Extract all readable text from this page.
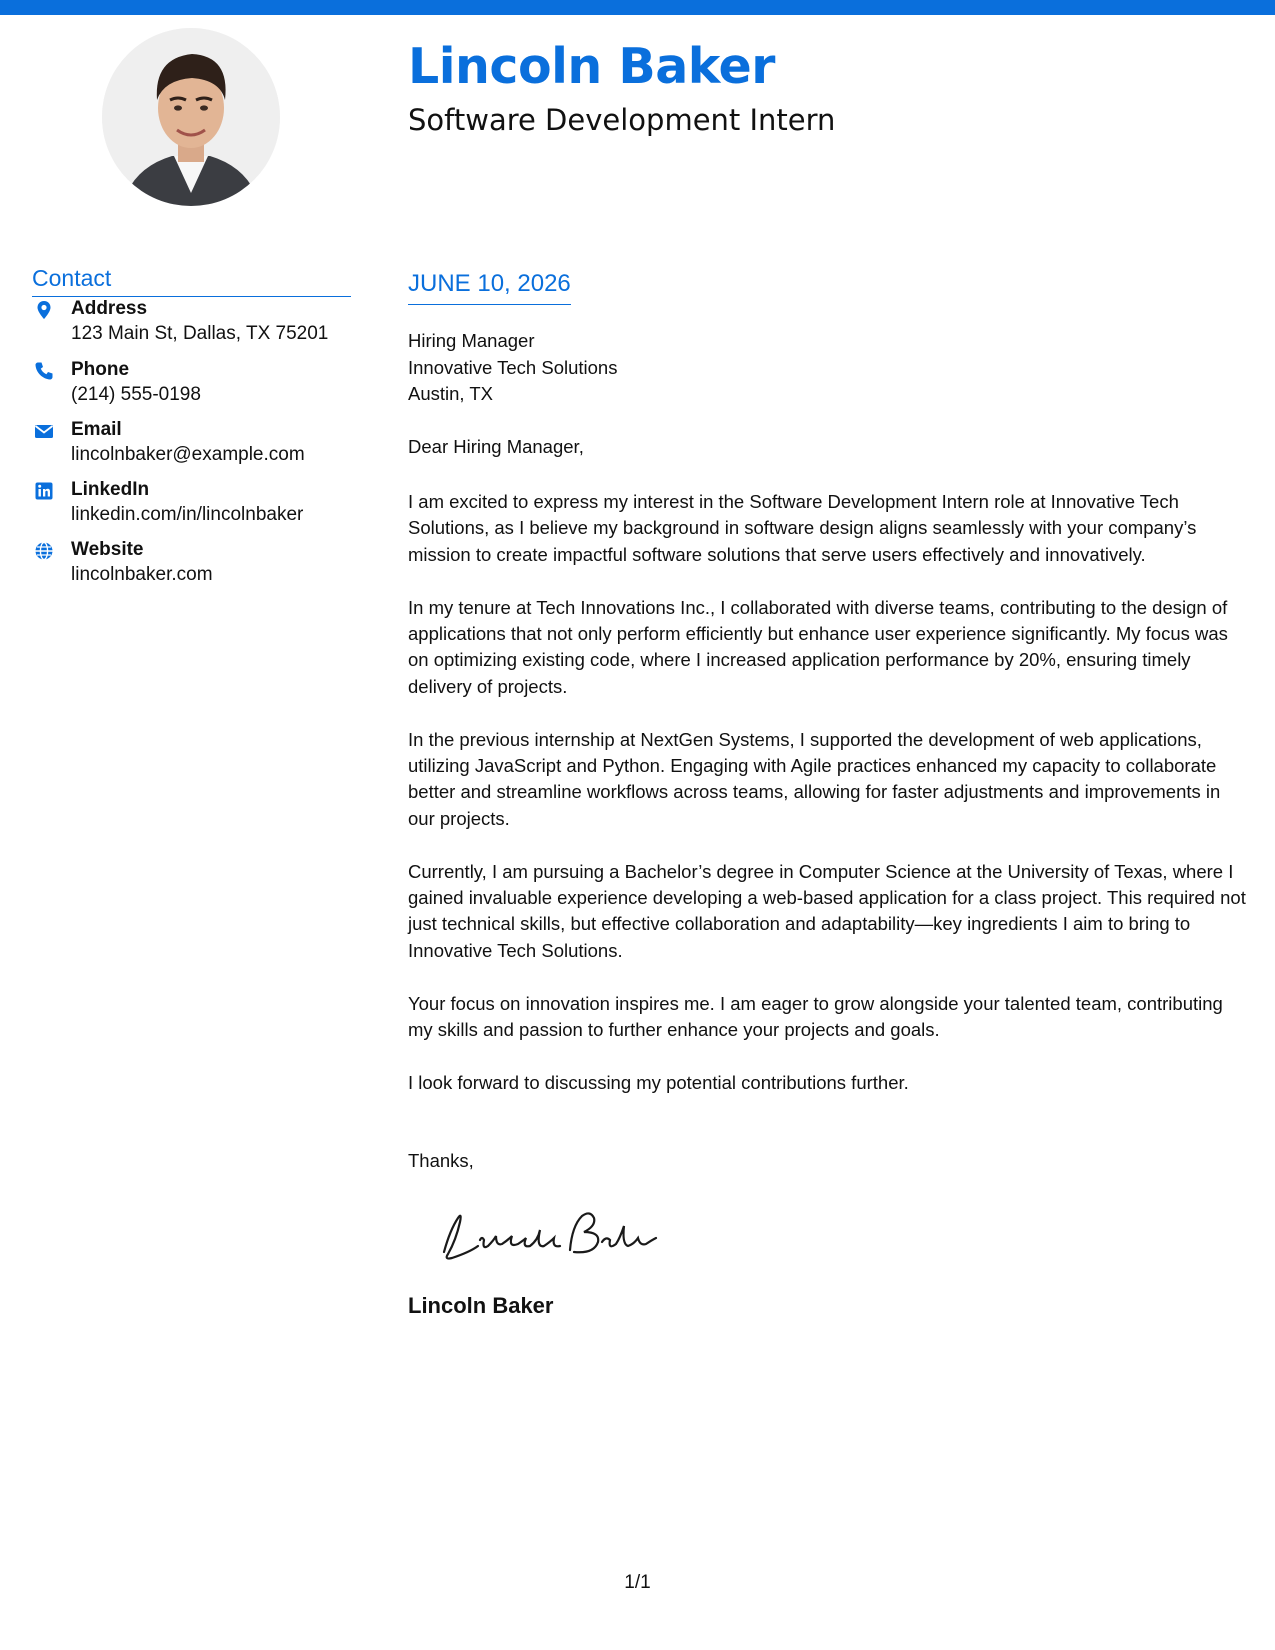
Lincoln Baker
Software Development Intern
Contact
Address
123 Main St, Dallas, TX 75201
Phone
(214) 555-0198
Email
lincolnbaker@example.com
LinkedIn
linkedin.com/in/lincolnbaker
Website
lincolnbaker.com
JUNE 10, 2026
Hiring Manager
Innovative Tech Solutions
Austin, TX
Dear Hiring Manager,

I am excited to express my interest in the Software Development Intern role at Innovative Tech Solutions, as I believe my background in software design aligns seamlessly with your company’s mission to create impactful software solutions that serve users effectively and innovatively.

In my tenure at Tech Innovations Inc., I collaborated with diverse teams, contributing to the design of applications that not only perform efficiently but enhance user experience significantly. My focus was on optimizing existing code, where I increased application performance by 20%, ensuring timely delivery of projects.

In the previous internship at NextGen Systems, I supported the development of web applications, utilizing JavaScript and Python. Engaging with Agile practices enhanced my capacity to collaborate better and streamline workflows across teams, allowing for faster adjustments and improvements in our projects.

Currently, I am pursuing a Bachelor’s degree in Computer Science at the University of Texas, where I gained invaluable experience developing a web-based application for a class project. This required not just technical skills, but effective collaboration and adaptability—key ingredients I aim to bring to Innovative Tech Solutions.

Your focus on innovation inspires me. I am eager to grow alongside your talented team, contributing my skills and passion to further enhance your projects and goals.

I look forward to discussing my potential contributions further.

Thanks,
Lincoln Baker
1/1
